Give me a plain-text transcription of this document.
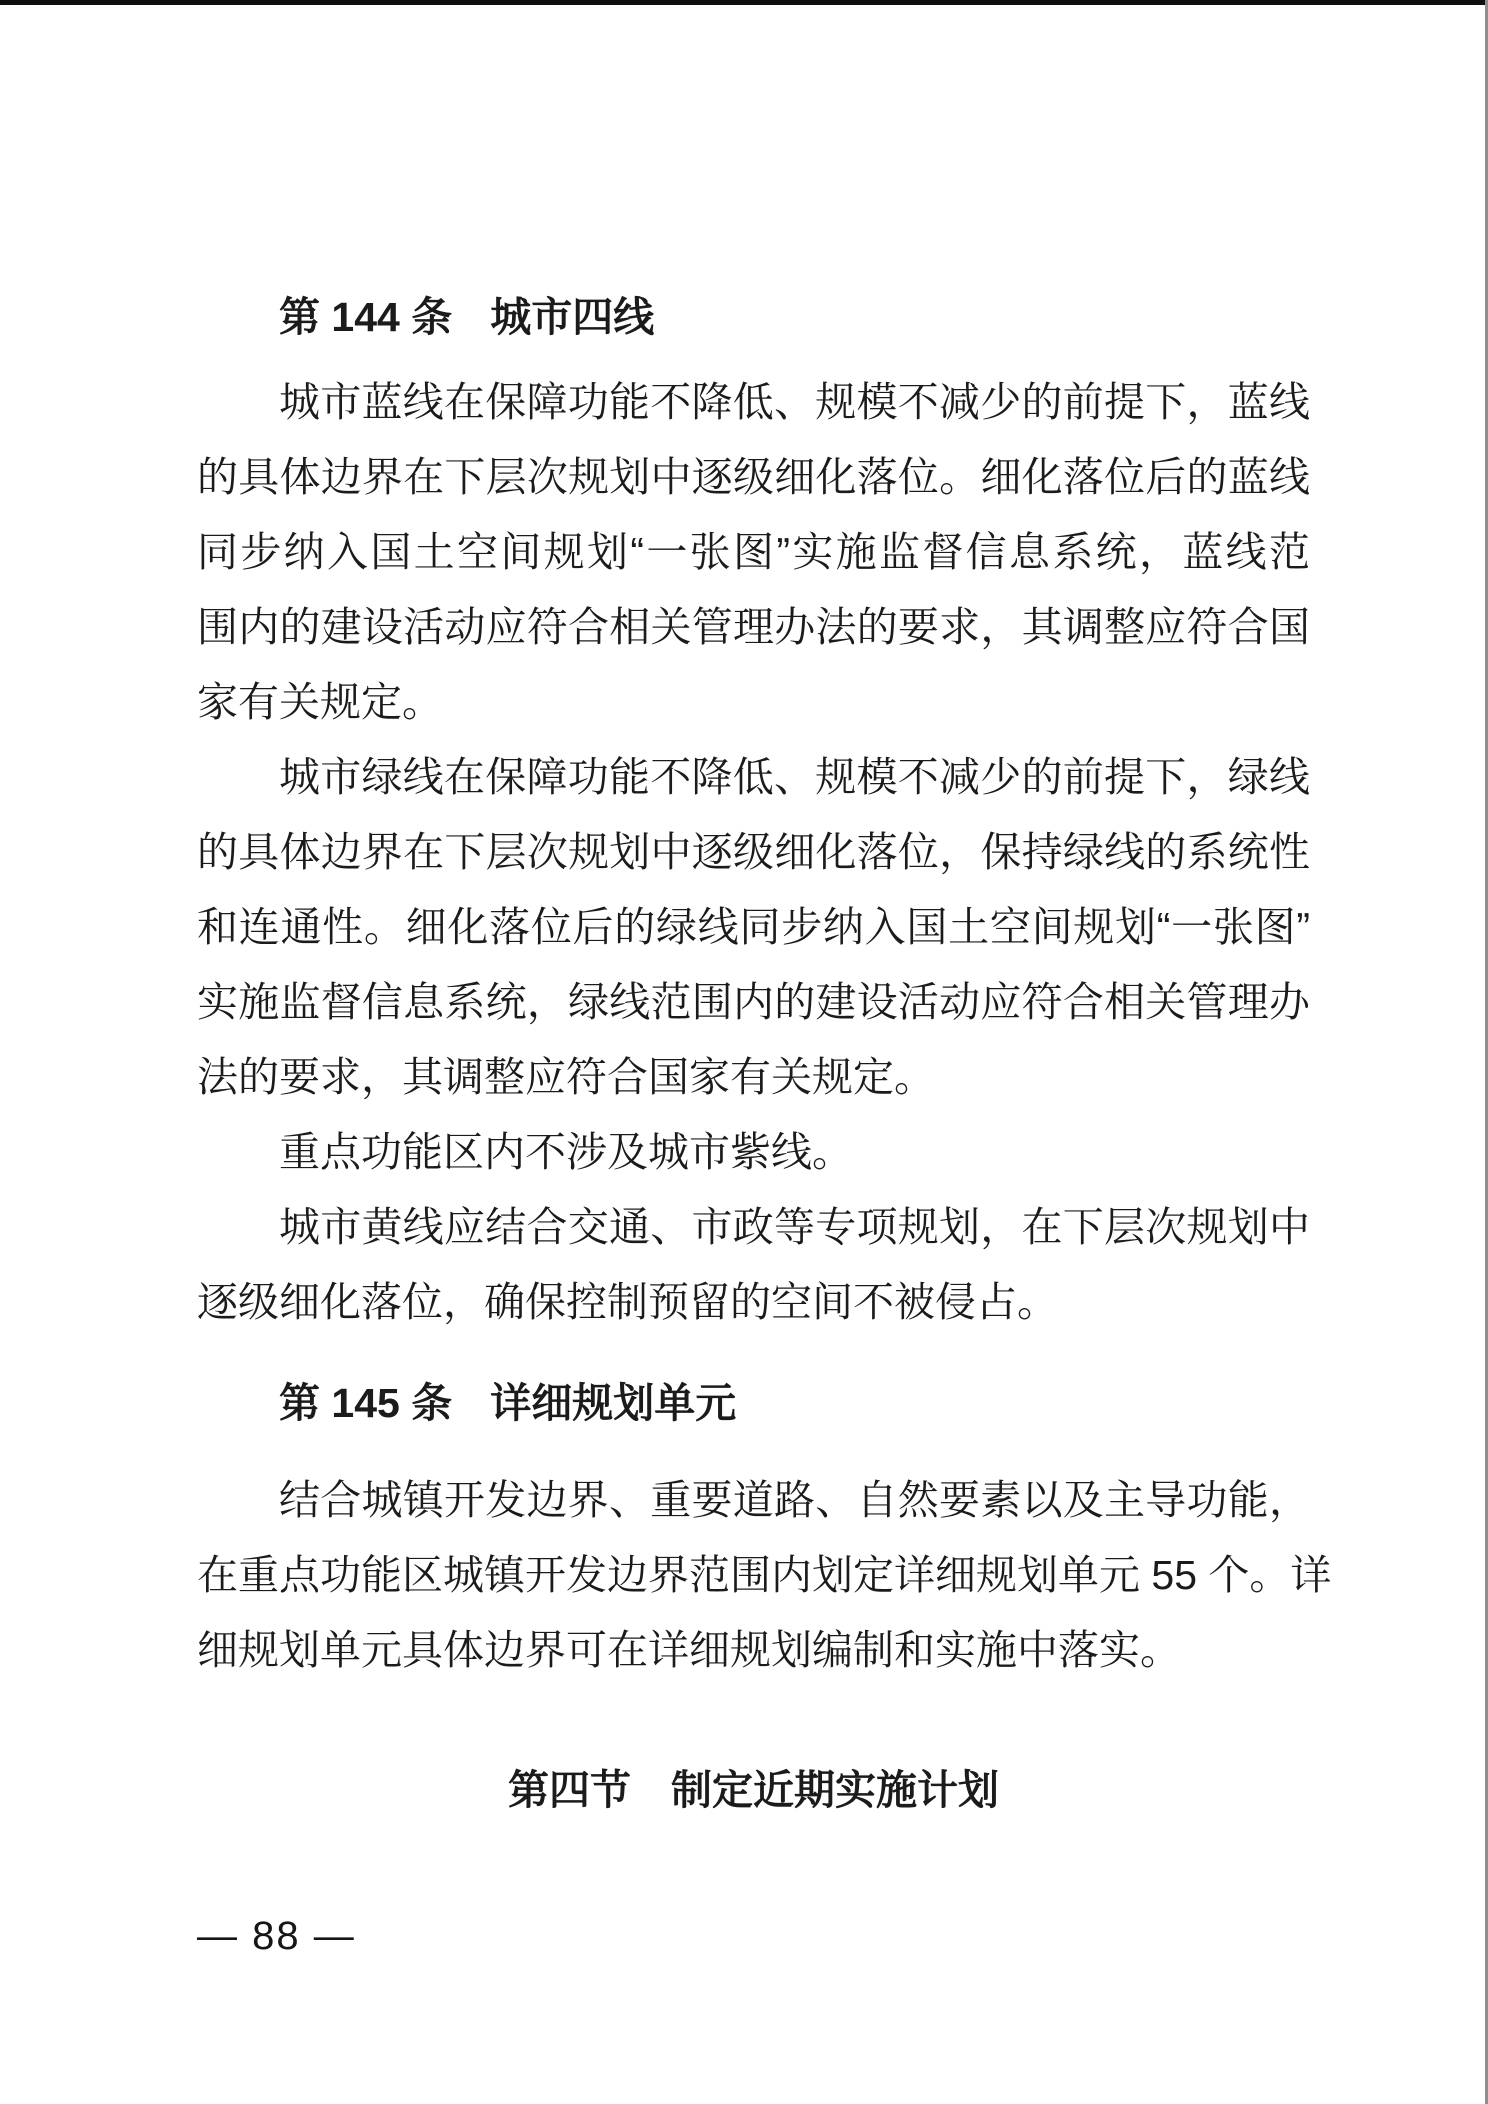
第 144 条 城市四线
城市蓝线在保障功能不降低、规模不减少的前提下，蓝线
的具体边界在下层次规划中逐级细化落位。细化落位后的蓝线
同步纳入国土空间规划“一张图”实施监督信息系统，蓝线范
围内的建设活动应符合相关管理办法的要求，其调整应符合国
家有关规定。
城市绿线在保障功能不降低、规模不减少的前提下，绿线
的具体边界在下层次规划中逐级细化落位，保持绿线的系统性
和连通性。细化落位后的绿线同步纳入国土空间规划“一张图”
实施监督信息系统，绿线范围内的建设活动应符合相关管理办
法的要求，其调整应符合国家有关规定。
重点功能区内不涉及城市紫线。
城市黄线应结合交通、市政等专项规划，在下层次规划中
逐级细化落位，确保控制预留的空间不被侵占。
第 145 条 详细规划单元
结合城镇开发边界、重要道路、自然要素以及主导功能，
在重点功能区城镇开发边界范围内划定详细规划单元 55 个。详
细规划单元具体边界可在详细规划编制和实施中落实。
第四节 制定近期实施计划
— 88 —
